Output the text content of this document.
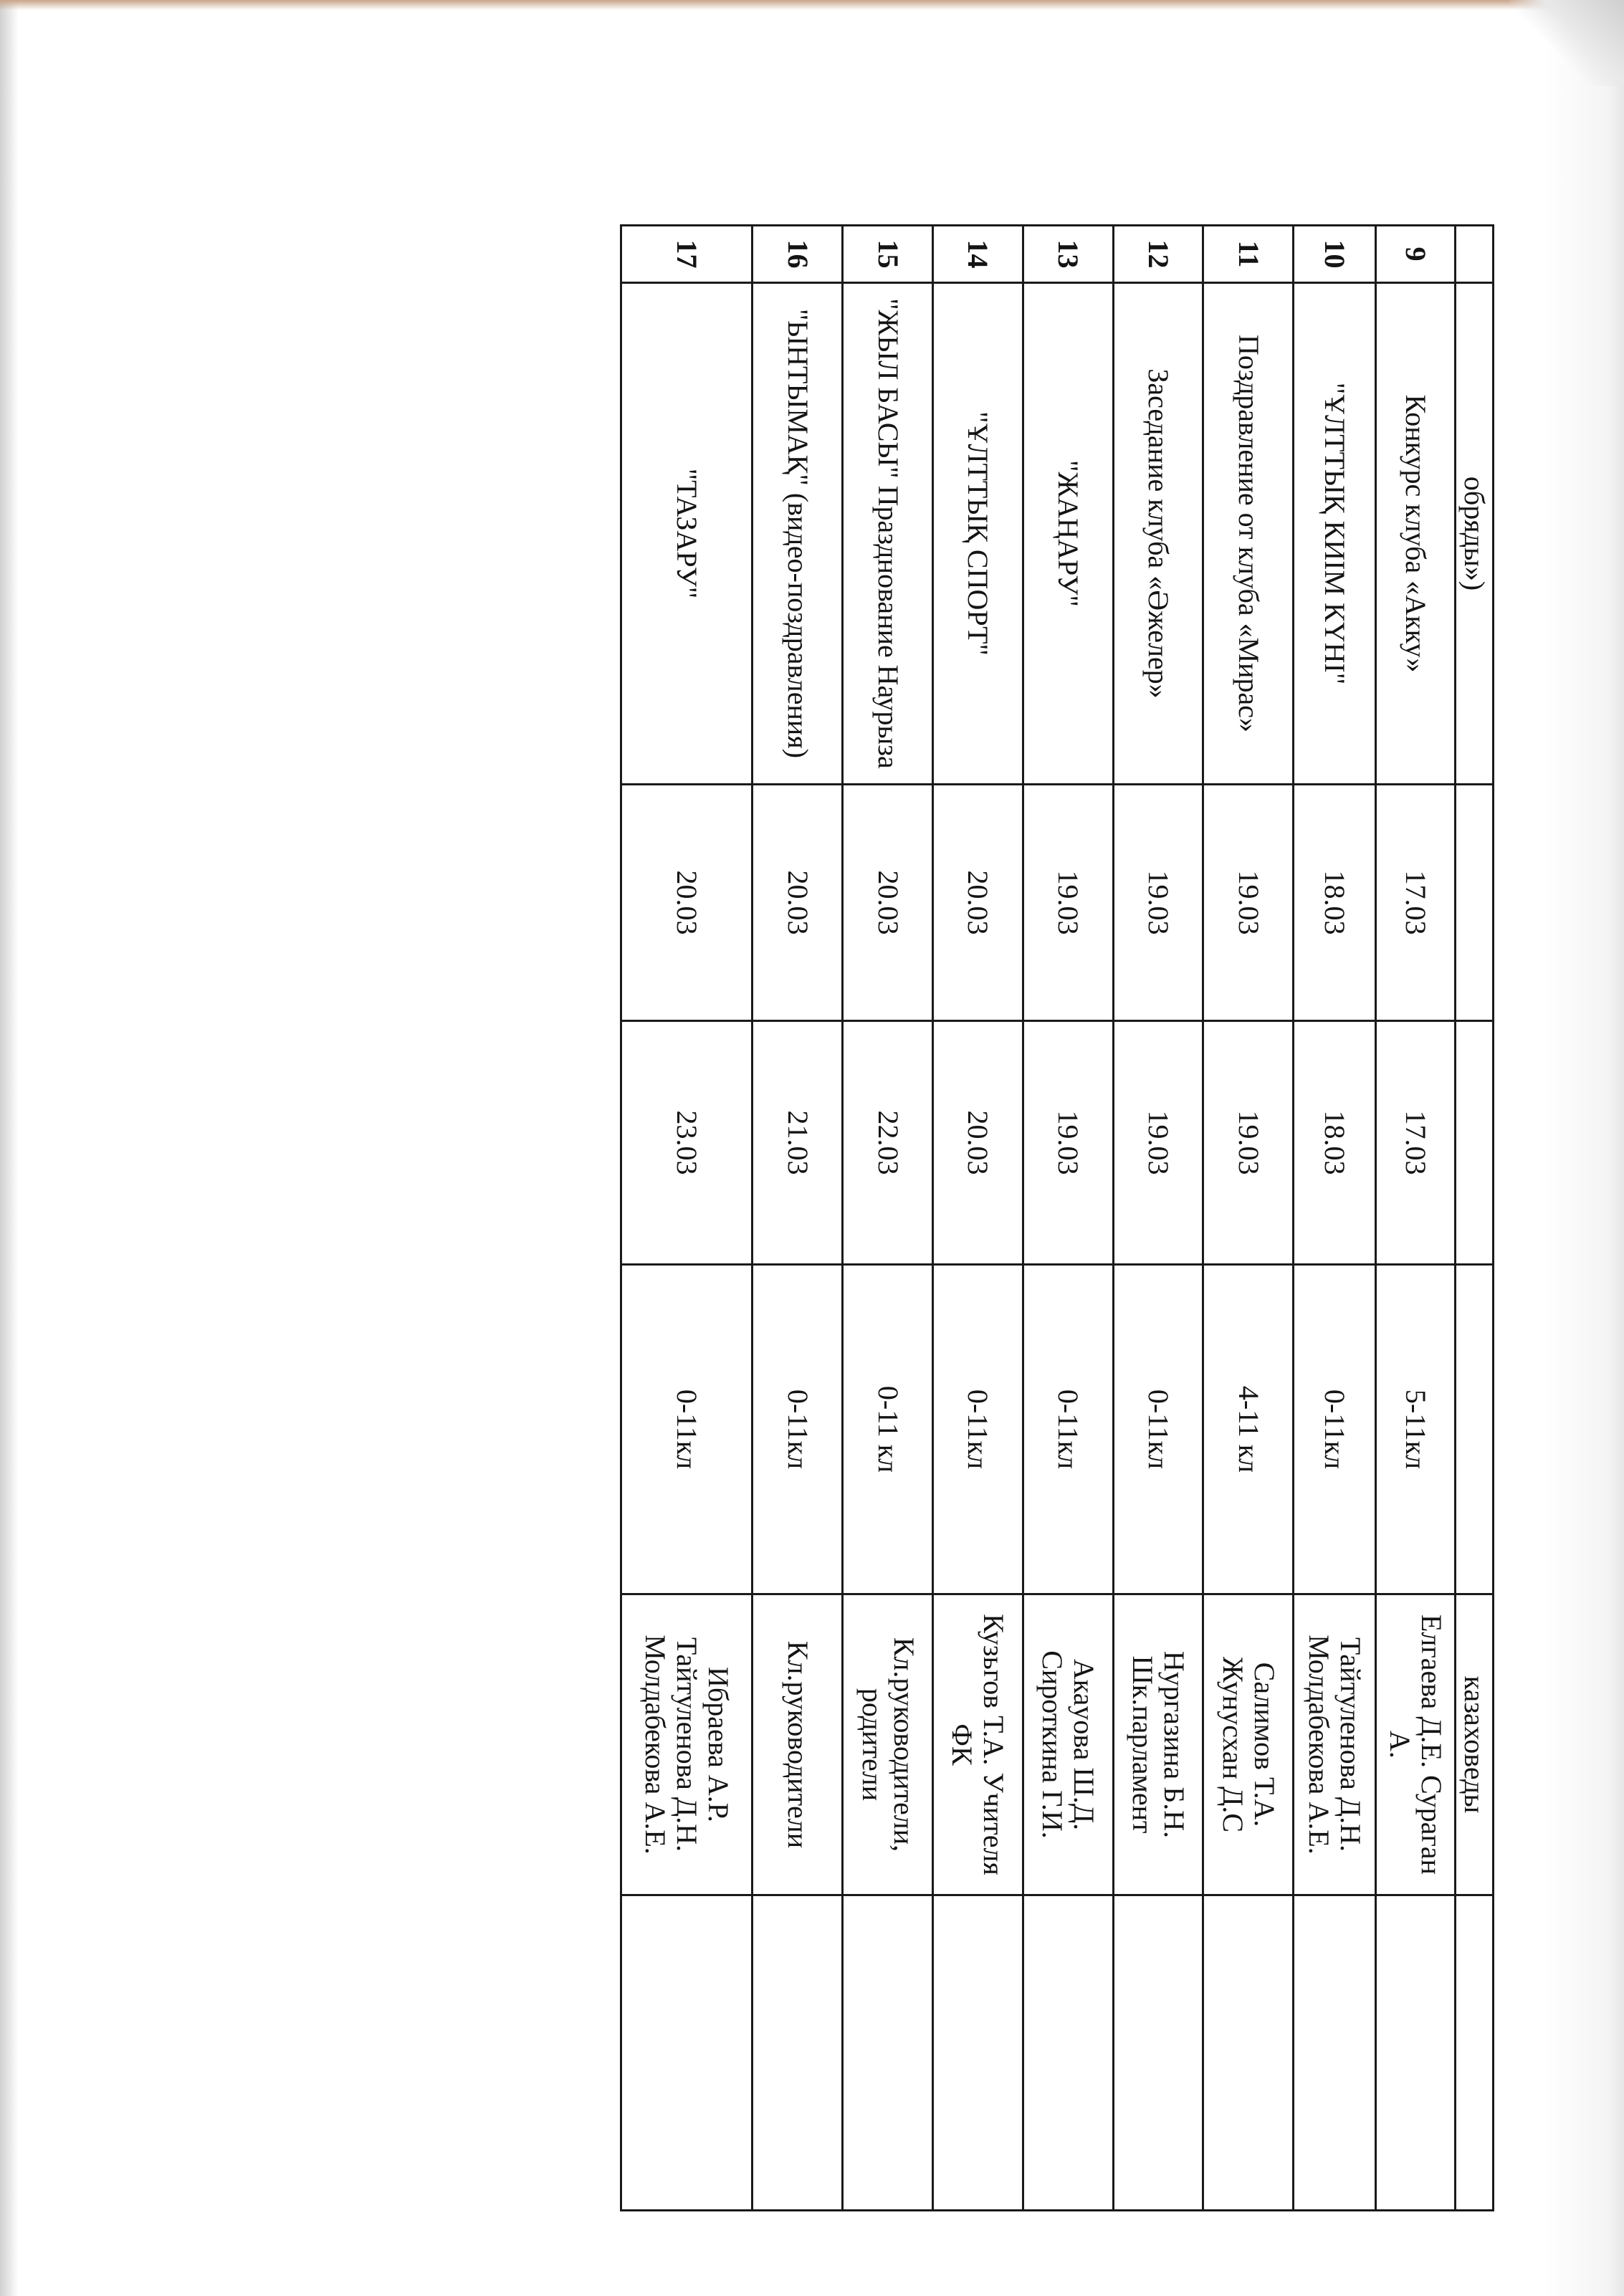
	обряды»)				казаховеды	
9	Конкурс клуба «Акку»	17.03	17.03	5-11кл	Елгаева Д.Е. Сураган А.	
10	"ҰЛТТЫҚ КИІМ КҮНІ"	18.03	18.03	0-11кл	Тайтуленова Д.Н. Молдабекова А.Е.	
11	Поздравление от клуба «Мирас»	19.03	19.03	4-11 кл	Салимов Т.А. Жунусхан Д.С	
12	Заседание клуба «Әжелер»	19.03	19.03	0-11кл	Нургазина Б.Н. Шк.парламент	
13	"ЖАҢАРУ"	19.03	19.03	0-11кл	Акаyова Ш.Д. Сироткина Г.И.	
14	"ҰЛТТЫҚ СПОРТ"	20.03	20.03	0-11кл	Кузьгов Т.А. Учителя ФК	
15	"ЖЫЛ БАСЫ" Празднование Наурыза	20.03	22.03	0-11 кл	Кл.руководители, родители	
16	"ЫНТЫМАҚ" (видео-поздравления)	20.03	21.03	0-11кл	Кл.руководители	
17	"ТАЗАРУ"	20.03	23.03	0-11кл	Ибраева А.Р. Тайтуленова Д.Н. Молдабекова А.Е.	
